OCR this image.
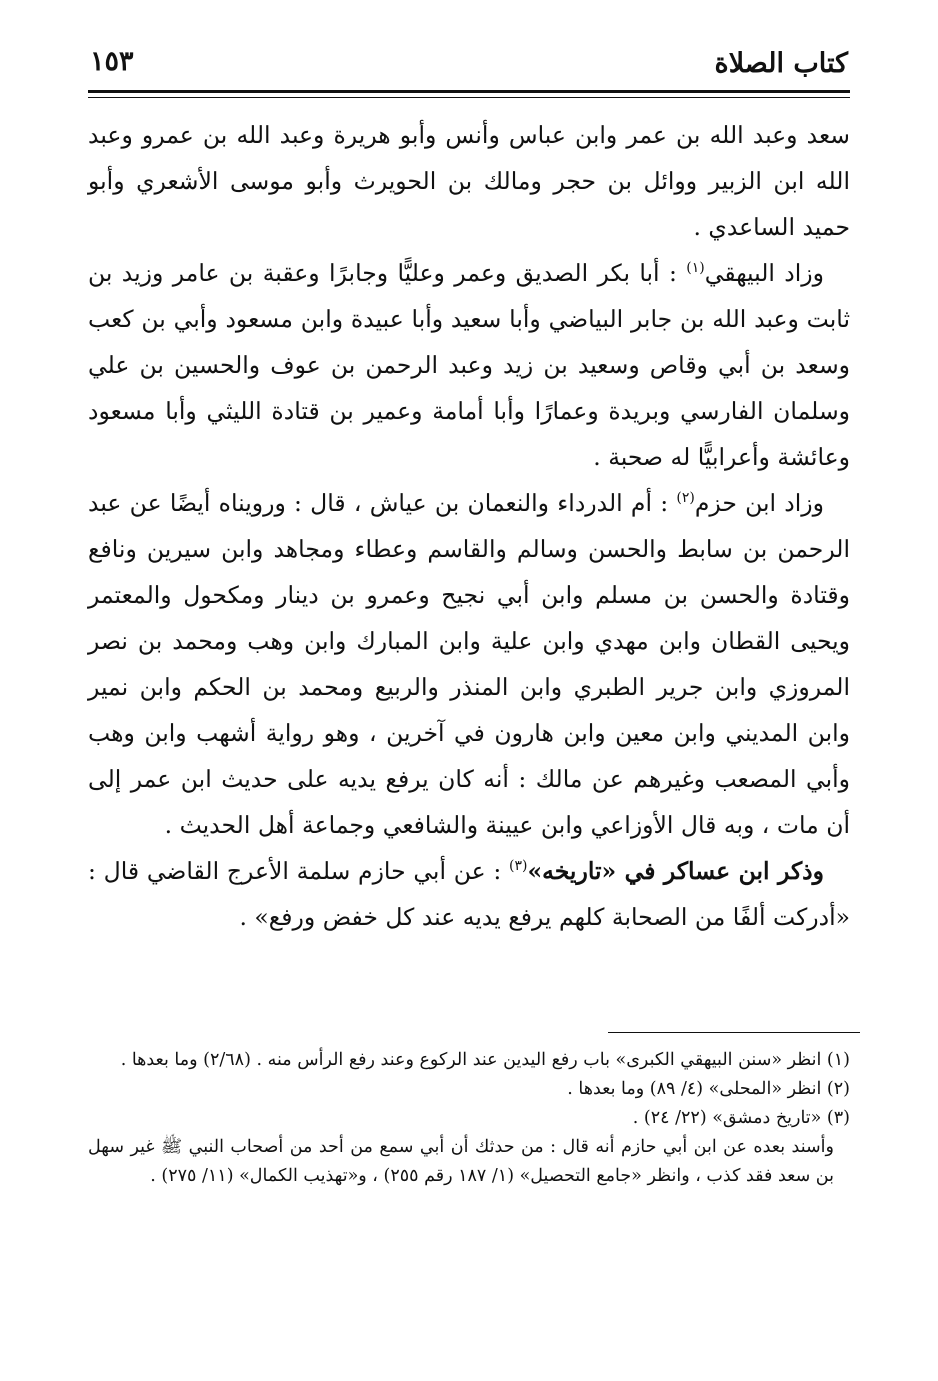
كتاب الصلاة
١٥٣

سعد وعبد الله بن عمر وابن عباس وأنس وأبو هريرة وعبد الله بن عمرو وعبد الله ابن الزبير ووائل بن حجر ومالك بن الحويرث وأبو موسى الأشعري وأبو حميد الساعدي .

وزاد البيهقي$^{(١)}$ : أبا بكر الصديق وعمر وعليًّا وجابرًا وعقبة بن عامر وزيد بن ثابت وعبد الله بن جابر البياضي وأبا سعيد وأبا عبيدة وابن مسعود وأبي بن كعب وسعد بن أبي وقاص وسعيد بن زيد وعبد الرحمن بن عوف والحسين بن علي وسلمان الفارسي وبريدة وعمارًا وأبا أمامة وعمير بن قتادة الليثي وأبا مسعود وعائشة وأعرابيًّا له صحبة .

وزاد ابن حزم$^{(٢)}$ : أم الدرداء والنعمان بن عياش ، قال : ورويناه أيضًا عن عبد الرحمن بن سابط والحسن وسالم والقاسم وعطاء ومجاهد وابن سيرين ونافع وقتادة والحسن بن مسلم وابن أبي نجيح وعمرو بن دينار ومكحول والمعتمر ويحيى القطان وابن مهدي وابن علية وابن المبارك وابن وهب ومحمد بن نصر المروزي وابن جرير الطبري وابن المنذر والربيع ومحمد بن الحكم وابن نمير وابن المديني وابن معين وابن هارون في آخرين ، وهو رواية أشهب وابن وهب وأبي المصعب وغيرهم عن مالك : أنه كان يرفع يديه على حديث ابن عمر إلى أن مات ، وبه قال الأوزاعي وابن عيينة والشافعي وجماعة أهل الحديث .

وذكر ابن عساكر في «تاريخه»$^{(٣)}$ : عن أبي حازم سلمة الأعرج القاضي قال : «أدركت ألفًا من الصحابة كلهم يرفع يديه عند كل خفض ورفع» .

(١) انظر «سنن البيهقي الكبرى» باب رفع اليدين عند الركوع وعند رفع الرأس منه . (٢/٦٨) وما بعدها .

(٢) انظر «المحلى» (٤/ ٨٩) وما بعدها .

(٣) «تاريخ دمشق» (٢٢/ ٢٤) .

وأسند بعده عن ابن أبي حازم أنه قال : من حدثك أن أبي سمع من أحد من أصحاب النبي ﷺ غير سهل بن سعد فقد كذب ، وانظر «جامع التحصيل» (١/ ١٨٧ رقم ٢٥٥) ، و«تهذيب الكمال» (١١/ ٢٧٥) .
